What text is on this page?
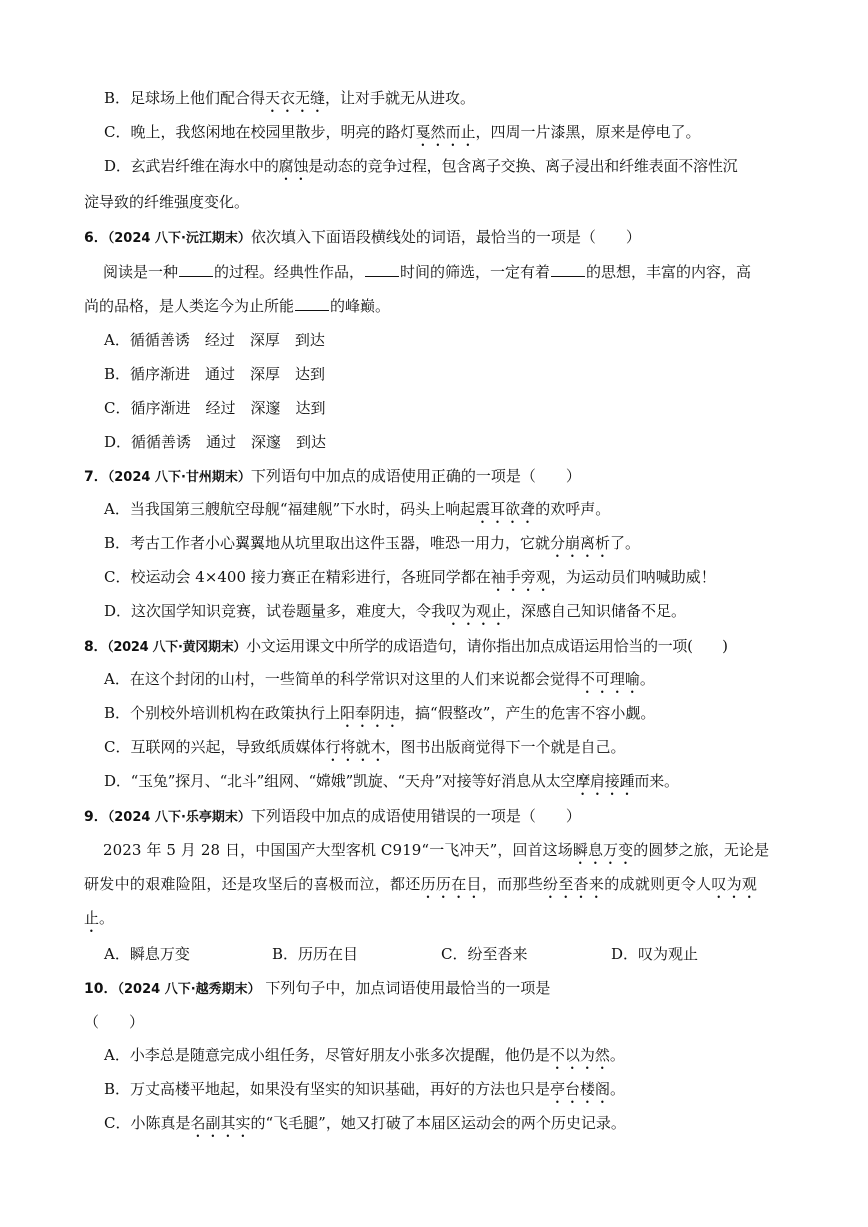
B．足球场上他们配合得天衣无缝，让对手就无从进攻。
C．晚上，我悠闲地在校园里散步，明亮的路灯戛然而止，四周一片漆黑，原来是停电了。
D．玄武岩纤维在海水中的腐蚀是动态的竞争过程，包含离子交换、离子浸出和纤维表面不溶性沉
淀导致的纤维强度变化。
6．（2024 八下·沅江期末）依次填入下面语段横线处的词语，最恰当的一项是（　　）
阅读是一种 的过程。经典性作品， 时间的筛选，一定有着 的思想，丰富的内容，高
尚的品格，是人类迄今为止所能 的峰巅。
A．循循善诱　经过　深厚　到达
B．循序渐进　通过　深厚　达到
C．循序渐进　经过　深邃　达到
D．循循善诱　通过　深邃　到达
7．（2024 八下·甘州期末）下列语句中加点的成语使用正确的一项是（　　）
A．当我国第三艘航空母舰“福建舰”下水时，码头上响起震耳欲聋的欢呼声。
B．考古工作者小心翼翼地从坑里取出这件玉器，唯恐一用力，它就分崩离析了。
C．校运动会 4×400 接力赛正在精彩进行，各班同学都在袖手旁观，为运动员们呐喊助威！
D．这次国学知识竞赛，试卷题量多，难度大，令我叹为观止，深感自己知识储备不足。
8．（2024 八下·黄冈期末）小文运用课文中所学的成语造句，请你指出加点成语运用恰当的一项(　　)
A．在这个封闭的山村，一些简单的科学常识对这里的人们来说都会觉得不可理喻。
B．个别校外培训机构在政策执行上阳奉阴违，搞“假整改”，产生的危害不容小觑。
C．互联网的兴起，导致纸质媒体行将就木，图书出版商觉得下一个就是自己。
D．“玉兔”探月、“北斗”组网、“嫦娥”凯旋、“天舟”对接等好消息从太空摩肩接踵而来。
9．（2024 八下·乐亭期末）下列语段中加点的成语使用错误的一项是（　　）
2023 年 5 月 28 日，中国国产大型客机 C919“一飞冲天”，回首这场瞬息万变的圆梦之旅，无论是
研发中的艰难险阻，还是攻坚后的喜极而泣，都还历历在目，而那些纷至沓来的成就则更令人叹为观
止。
A．瞬息万变	B．历历在目	C．纷至沓来	D．叹为观止
10．（2024 八下·越秀期末） 下列句子中，加点词语使用最恰当的一项是
（　　）
A．小李总是随意完成小组任务，尽管好朋友小张多次提醒，他仍是不以为然。
B．万丈高楼平地起，如果没有坚实的知识基础，再好的方法也只是亭台楼阁。
C．小陈真是名副其实的“飞毛腿”，她又打破了本届区运动会的两个历史记录。
